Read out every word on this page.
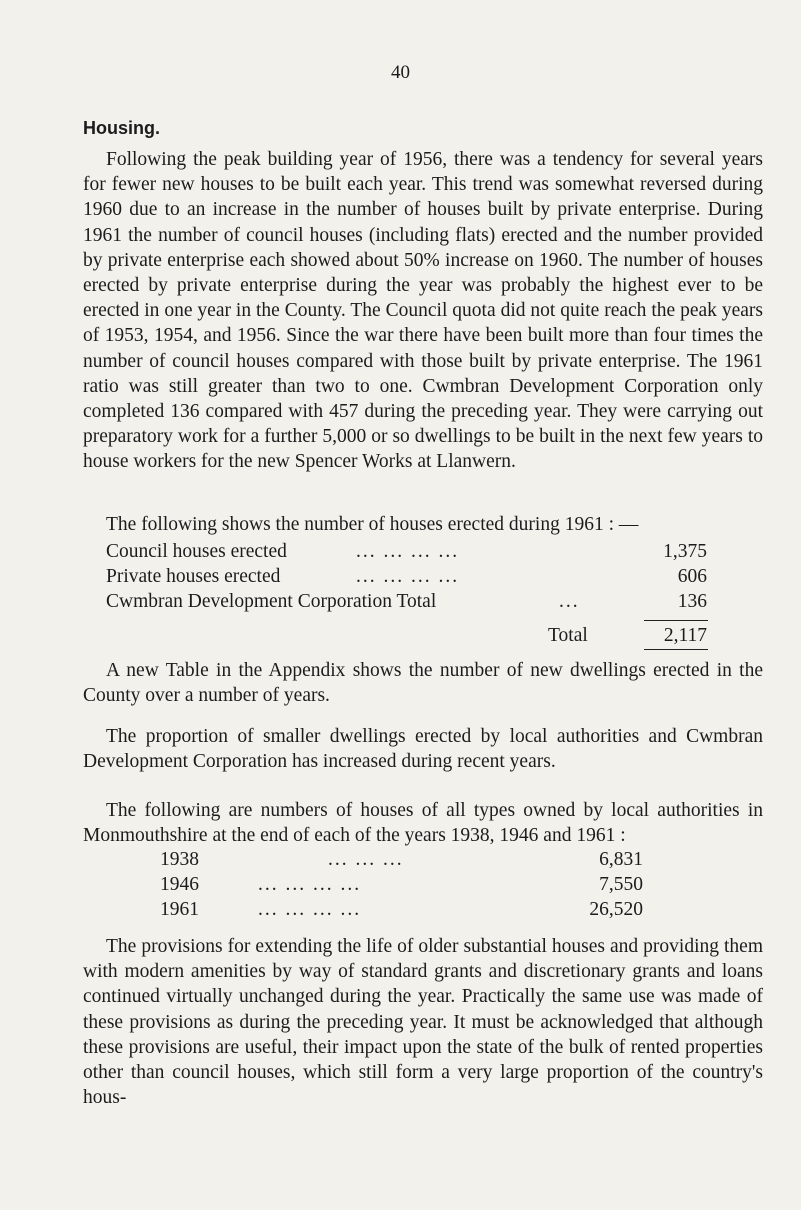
40
Housing.

Following the peak building year of 1956, there was a tendency for several years for fewer new houses to be built each year. This trend was somewhat reversed during 1960 due to an increase in the number of houses built by private enterprise. During 1961 the number of council houses (including flats) erected and the number provided by private enterprise each showed about 50% increase on 1960. The number of houses erected by private enterprise during the year was probably the highest ever to be erected in one year in the County. The Council quota did not quite reach the peak years of 1953, 1954, and 1956. Since the war there have been built more than four times the number of council houses compared with those built by private enterprise. The 1961 ratio was still greater than two to one. Cwmbran Development Corporation only completed 136 compared with 457 during the preceding year. They were carrying out preparatory work for a further 5,000 or so dwellings to be built in the next few years to house workers for the new Spencer Works at Llanwern.

The following shows the number of houses erected during 1961 : —
Council houses erected	... ... ... ...	1,375
Private houses erected	... ... ... ...	606
Cwmbran Development Corporation Total	...	136
Total	2,117

A new Table in the Appendix shows the number of new dwellings erected in the County over a number of years.

The proportion of smaller dwellings erected by local authorities and Cwmbran Development Corporation has increased during recent years.

The following are numbers of houses of all types owned by local authorities in Monmouthshire at the end of each of the years 1938, 1946 and 1961 :

1938	... ... ...	6,831
1946	... ... ... ...	7,550
1961	... ... ... ...	26,520

The provisions for extending the life of older substantial houses and providing them with modern amenities by way of standard grants and discretionary grants and loans continued virtually unchanged during the year. Practically the same use was made of these provisions as during the preceding year. It must be acknowledged that although these provisions are useful, their impact upon the state of the bulk of rented properties other than council houses, which still form a very large proportion of the country's hous-
